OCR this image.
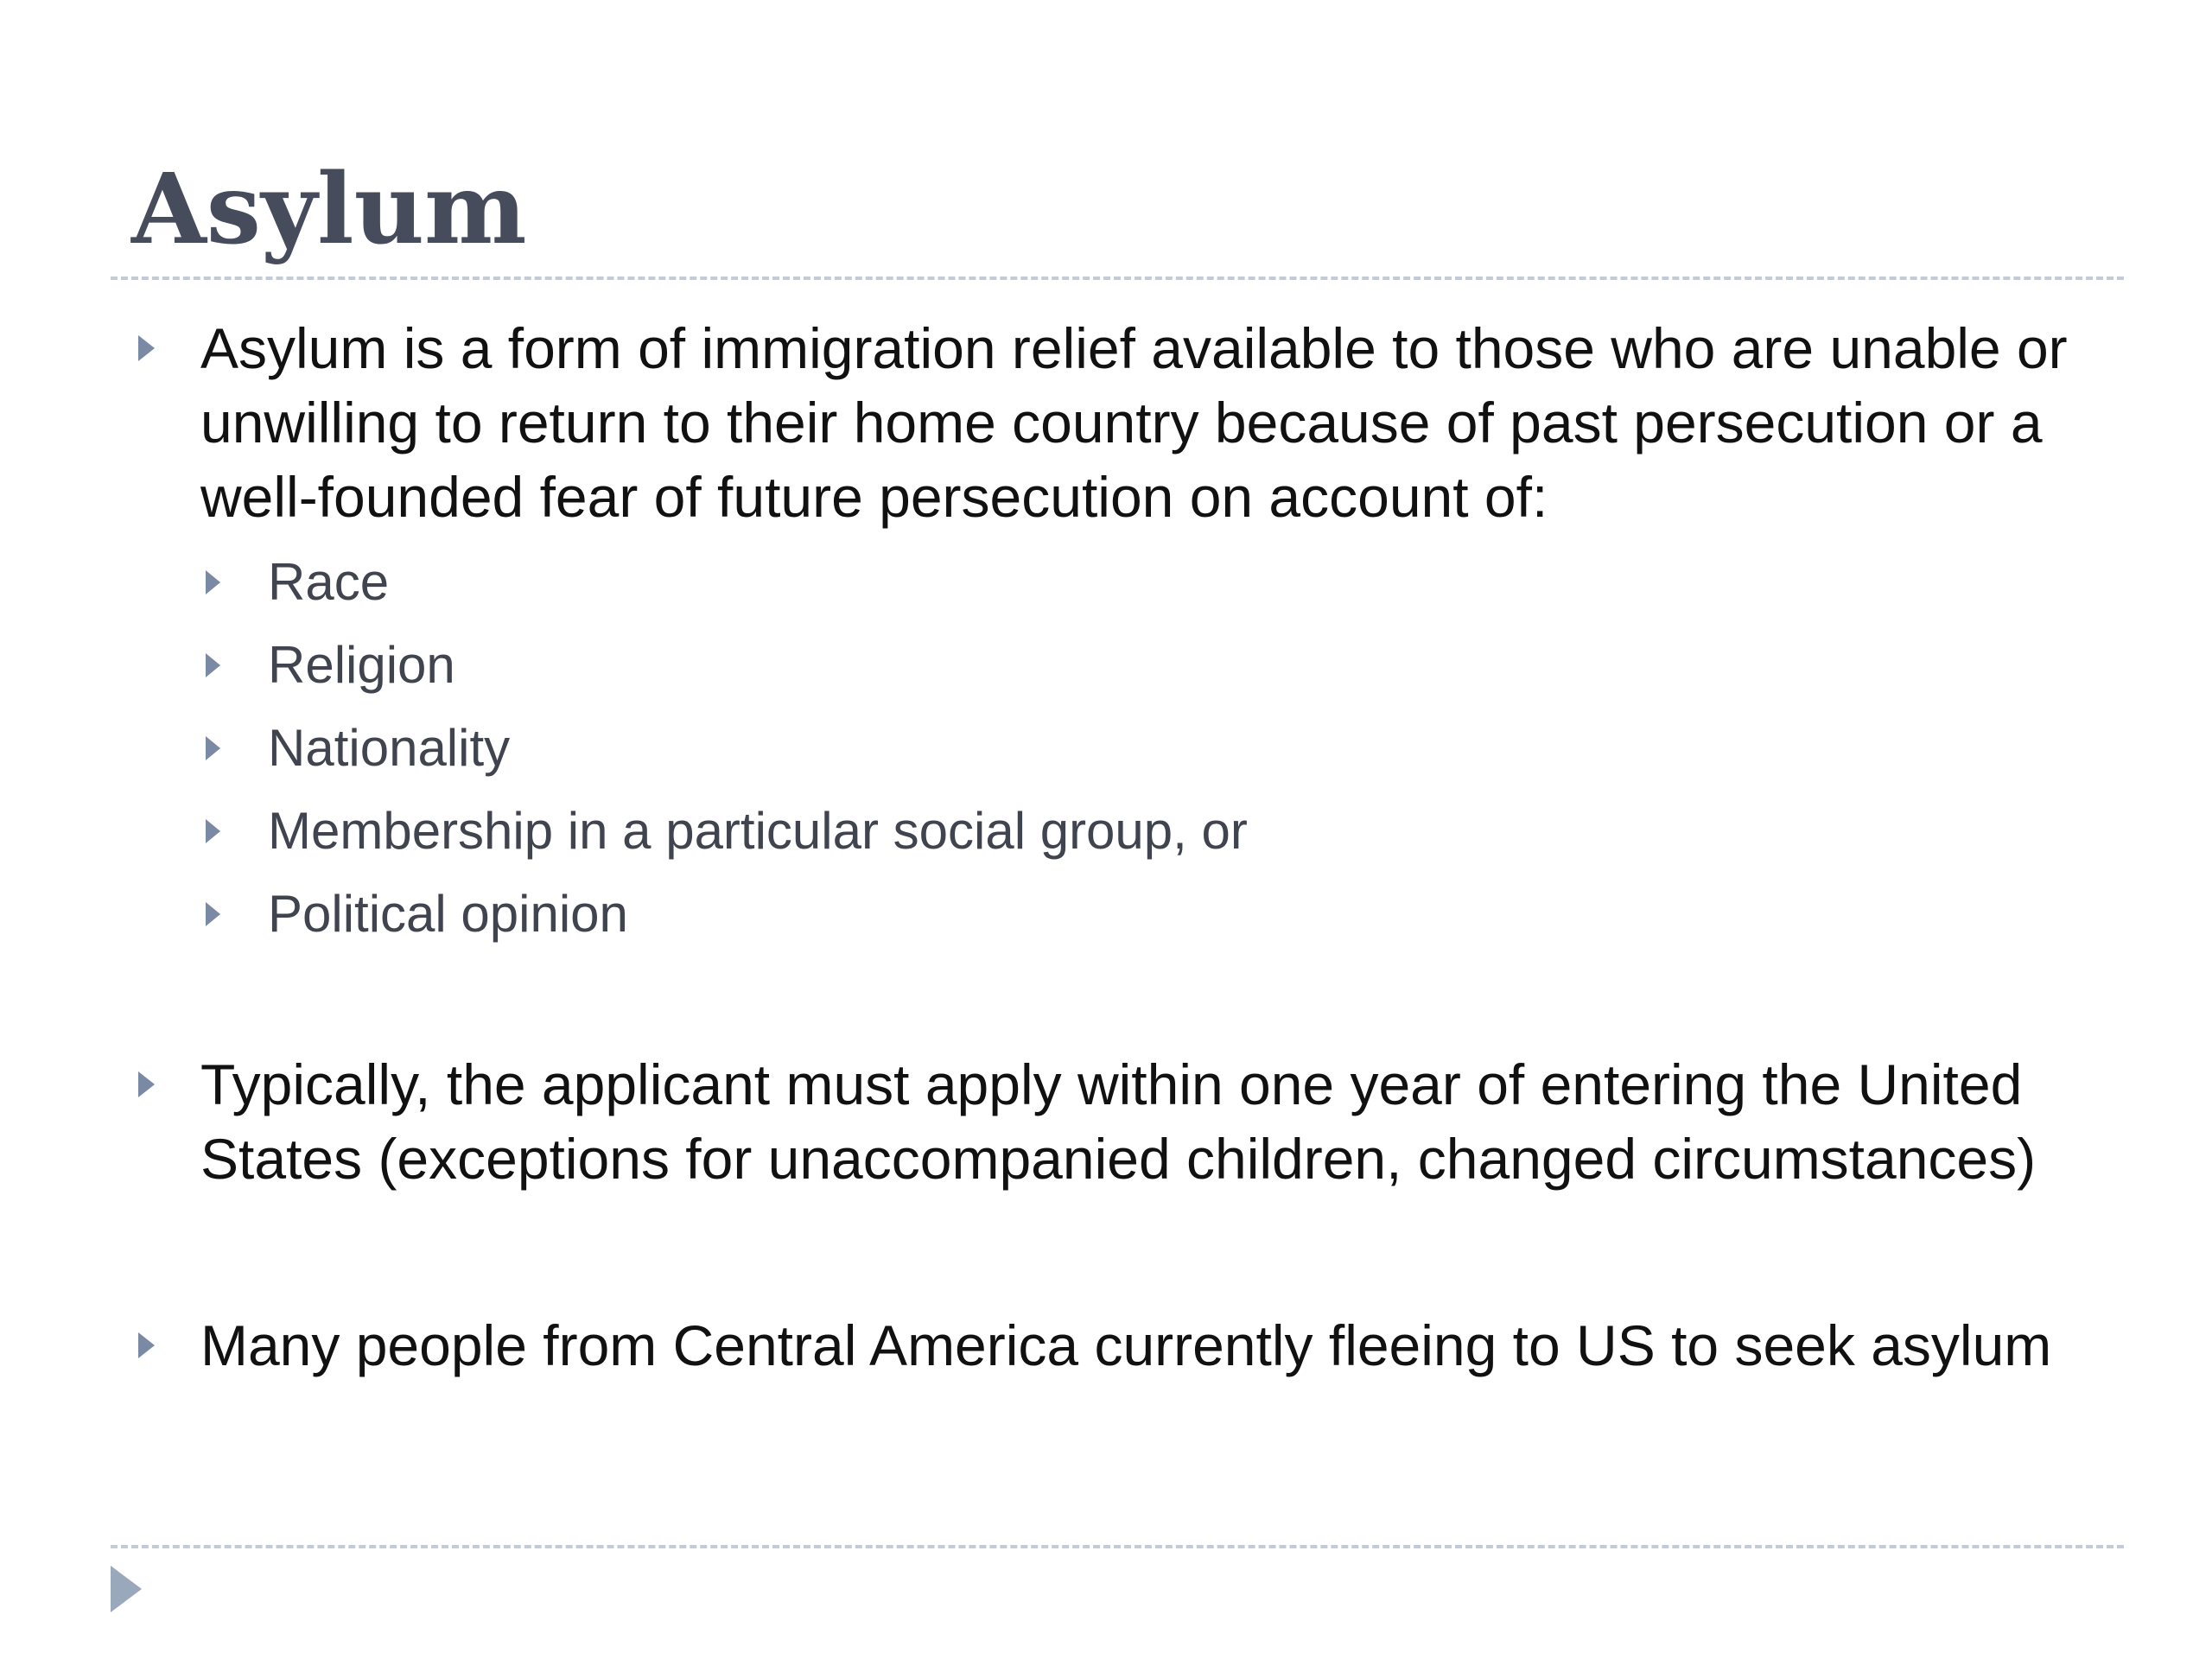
Asylum
Asylum is a form of immigration relief available to those who are unable or unwilling to return to their home country because of past persecution or a well-founded fear of future persecution on account of:
Race
Religion
Nationality
Membership in a particular social group, or
Political opinion
Typically, the applicant must apply within one year of entering the United States (exceptions for unaccompanied children, changed circumstances)
Many people from Central America currently fleeing to US to seek asylum
